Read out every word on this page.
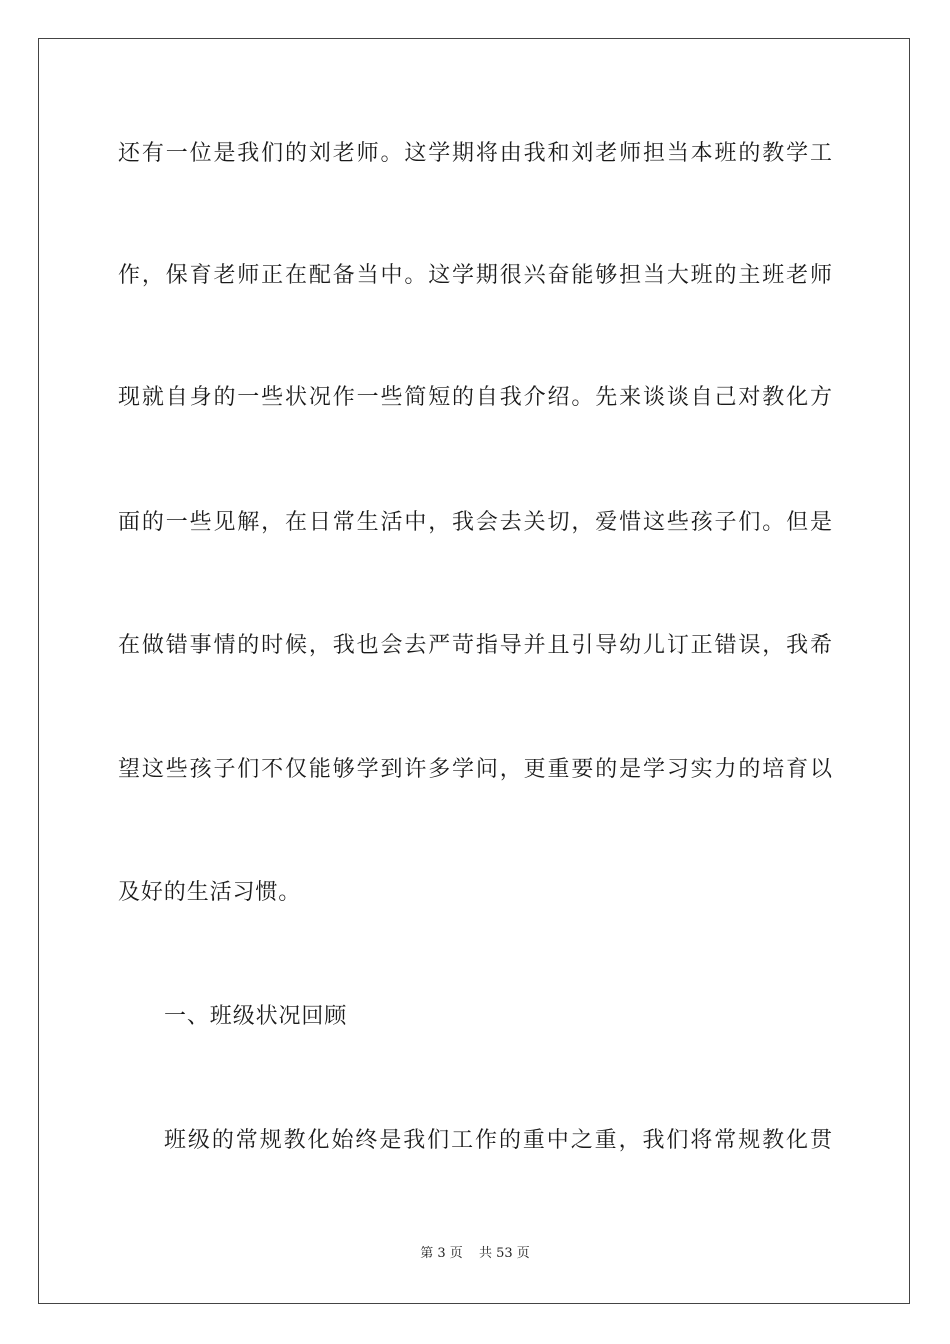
还有一位是我们的刘老师。这学期将由我和刘老师担当本班的教学工
作，保育老师正在配备当中。这学期很兴奋能够担当大班的主班老师
现就自身的一些状况作一些简短的自我介绍。先来谈谈自己对教化方
面的一些见解，在日常生活中，我会去关切，爱惜这些孩子们。但是
在做错事情的时候，我也会去严苛指导并且引导幼儿订正错误，我希
望这些孩子们不仅能够学到许多学问，更重要的是学习实力的培育以
及好的生活习惯。
一、班级状况回顾
班级的常规教化始终是我们工作的重中之重，我们将常规教化贯
第 3 页 共 53 页
